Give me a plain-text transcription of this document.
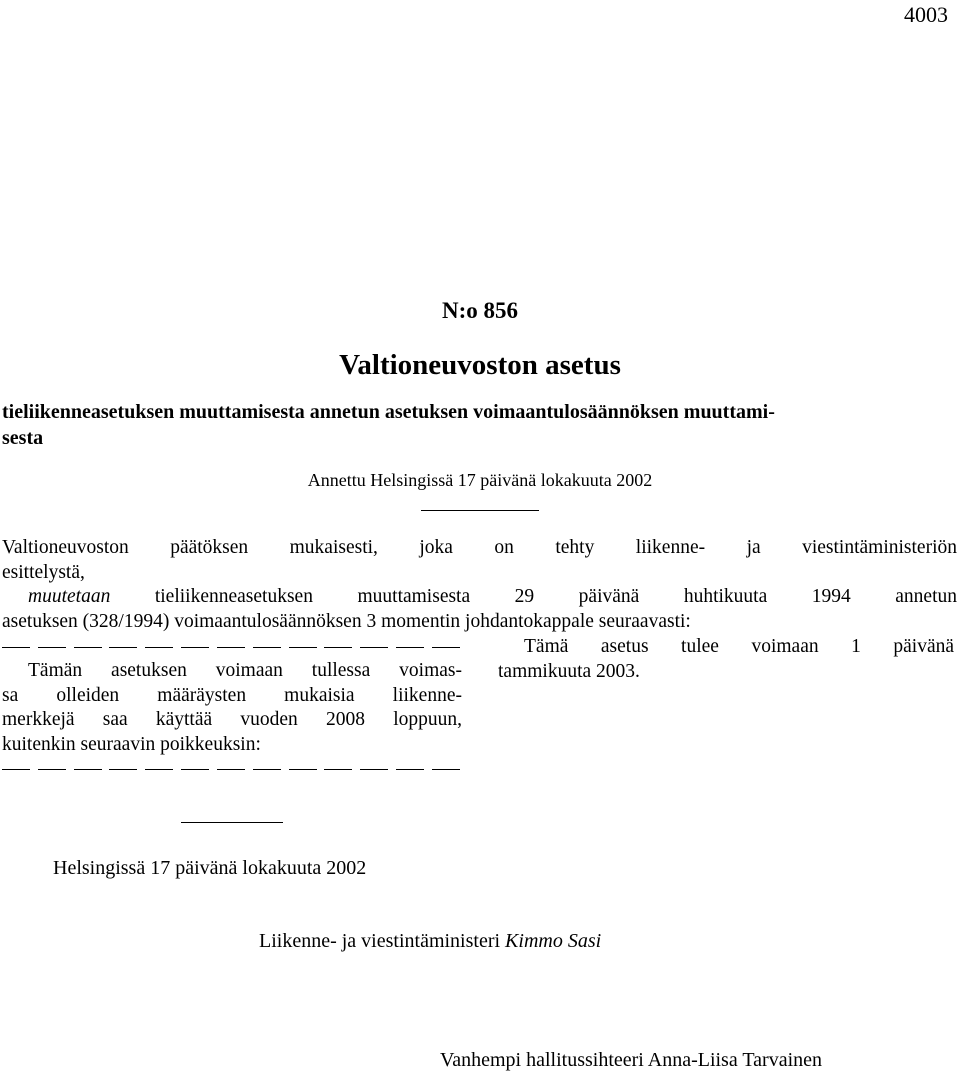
4003
N:o 856
Valtioneuvoston asetus
tieliikenneasetuksen muuttamisesta annetun asetuksen voimaantulosäännöksen muuttami-
sesta
Annettu Helsingissä 17 päivänä lokakuuta 2002
Valtioneuvoston päätöksen mukaisesti, joka on tehty liikenne- ja viestintäministeriön
esittelystä,
muutetaan tieliikenneasetuksen muuttamisesta 29 päivänä huhtikuuta 1994 annetun
asetuksen (328/1994) voimaantulosäännöksen 3 momentin johdantokappale seuraavasti:
Tämän asetuksen voimaan tullessa voimas-
sa olleiden määräysten mukaisia liikenne-
merkkejä saa käyttää vuoden 2008 loppuun,
kuitenkin seuraavin poikkeuksin:
Tämä asetus tulee voimaan 1 päivänä
tammikuuta 2003.
Helsingissä 17 päivänä lokakuuta 2002
Liikenne- ja viestintäministeri Kimmo Sasi
Vanhempi hallitussihteeri Anna-Liisa Tarvainen
